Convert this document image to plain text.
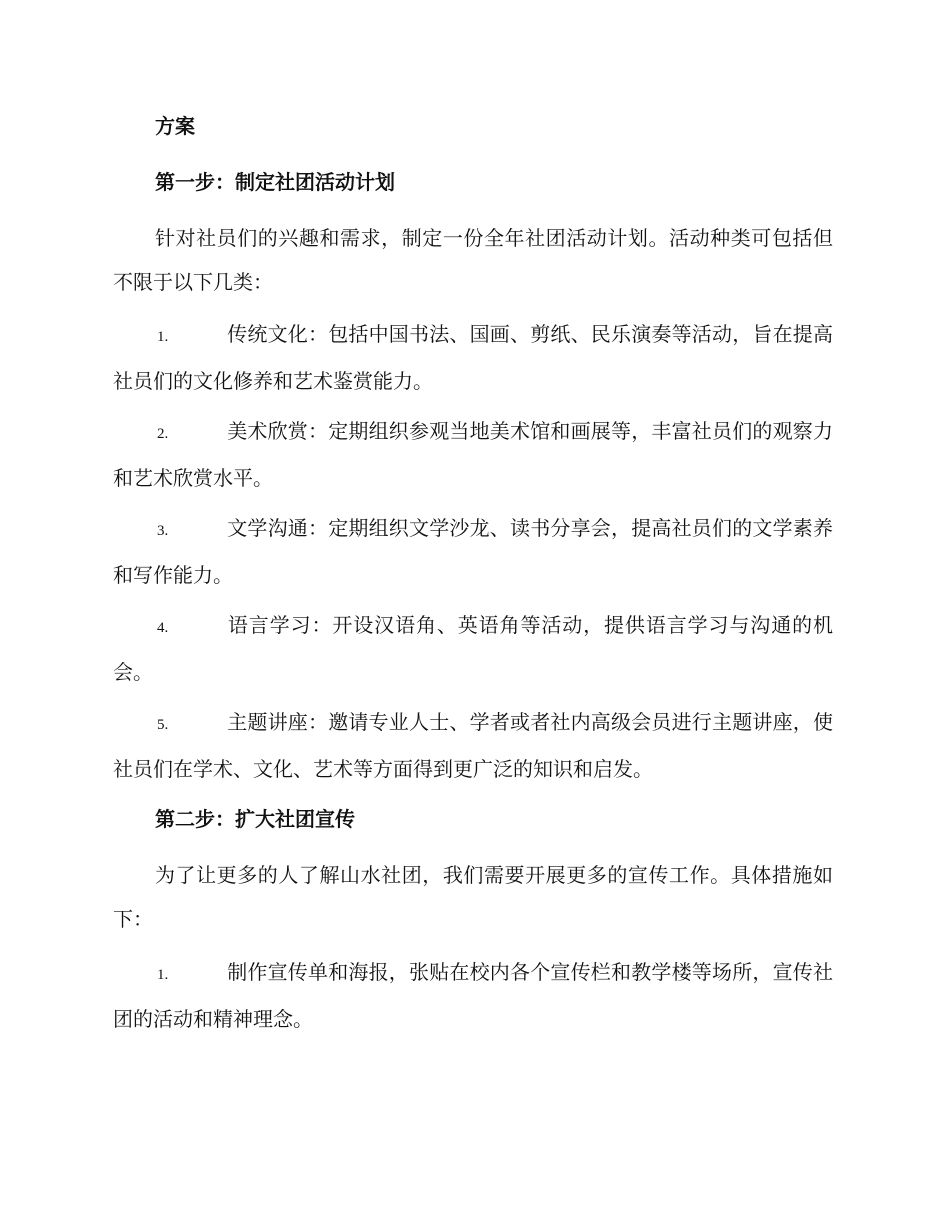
方案

第一步：制定社团活动计划

针对社员们的兴趣和需求，制定一份全年社团活动计划。活动种类可包括但不限于以下几类：

1.	传统文化：包括中国书法、国画、剪纸、民乐演奏等活动，旨在提高社员们的文化修养和艺术鉴赏能力。

2.	美术欣赏：定期组织参观当地美术馆和画展等，丰富社员们的观察力和艺术欣赏水平。

3.	文学沟通：定期组织文学沙龙、读书分享会，提高社员们的文学素养和写作能力。

4.	语言学习：开设汉语角、英语角等活动，提供语言学习与沟通的机会。

5.	主题讲座：邀请专业人士、学者或者社内高级会员进行主题讲座，使社员们在学术、文化、艺术等方面得到更广泛的知识和启发。

第二步：扩大社团宣传

为了让更多的人了解山水社团，我们需要开展更多的宣传工作。具体措施如下：

1.	制作宣传单和海报，张贴在校内各个宣传栏和教学楼等场所，宣传社团的活动和精神理念。
